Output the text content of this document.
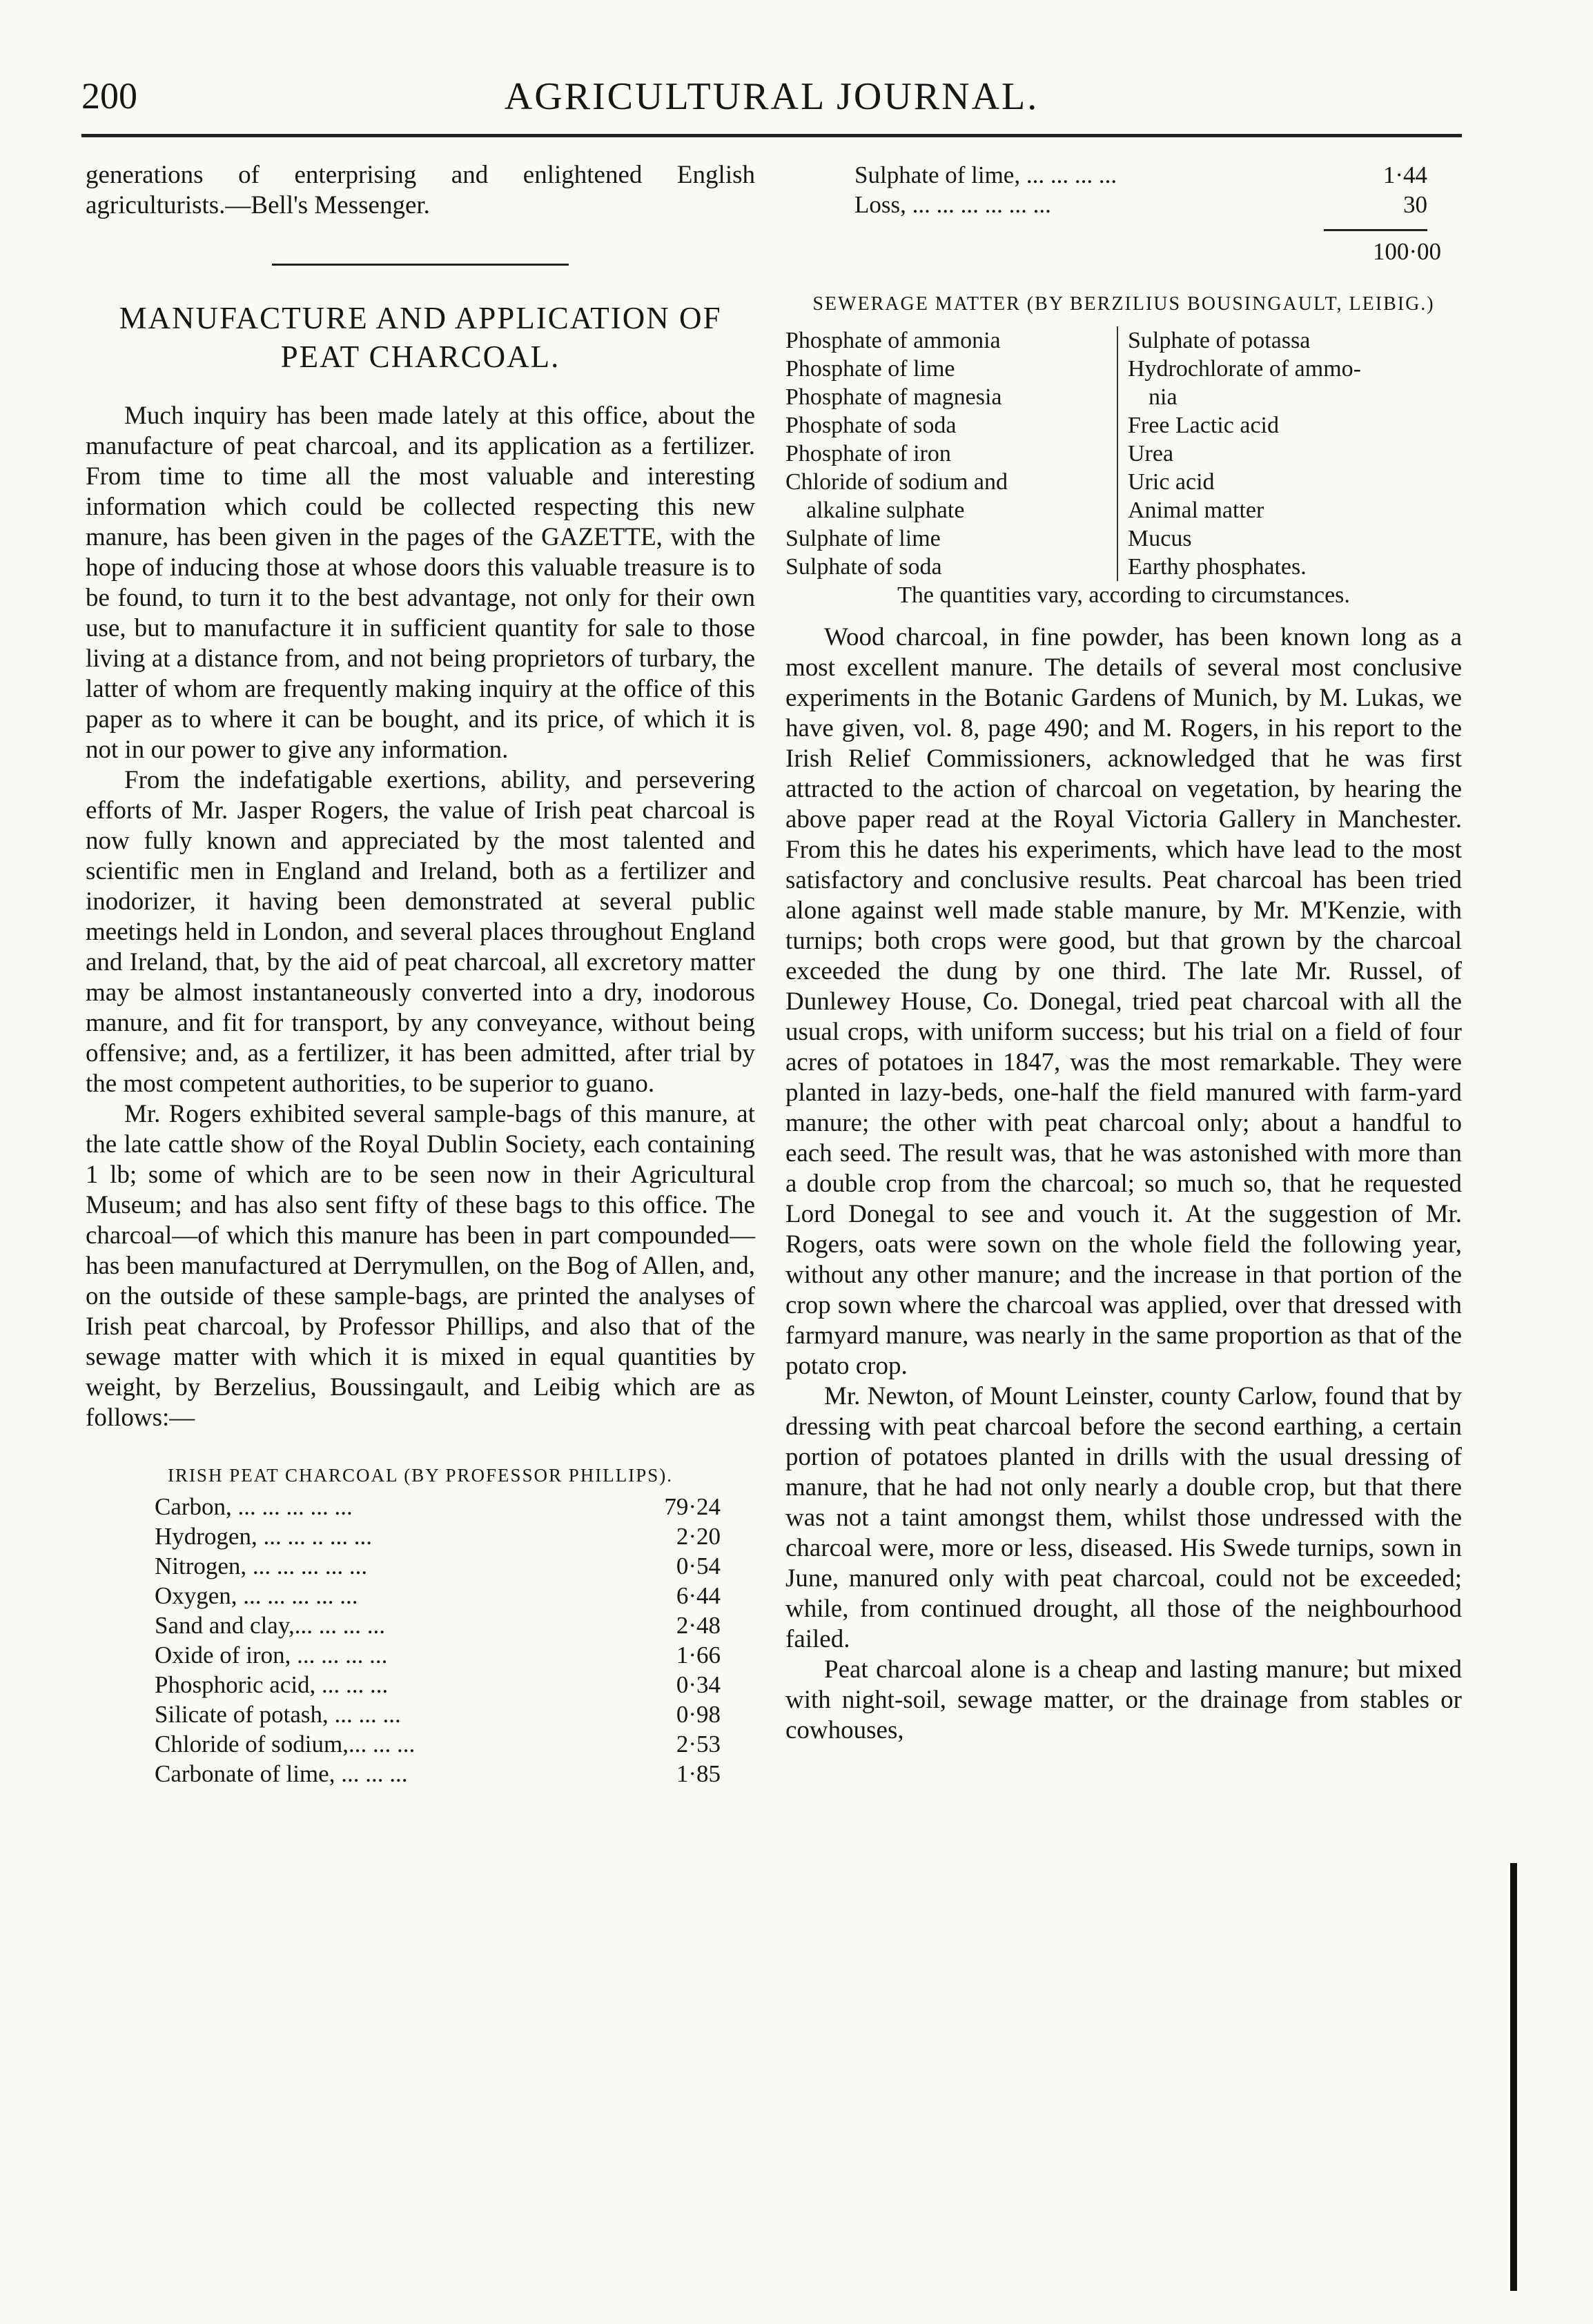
200	AGRICULTURAL JOURNAL.

generations of enterprising and enlightened English agriculturists.—Bell's Messenger.

MANUFACTURE AND APPLICATION OF PEAT CHARCOAL.

Much inquiry has been made lately at this office, about the manufacture of peat charcoal, and its application as a fertilizer. From time to time all the most valuable and interesting information which could be collected respecting this new manure, has been given in the pages of the GAZETTE, with the hope of inducing those at whose doors this valuable treasure is to be found, to turn it to the best advantage, not only for their own use, but to manufacture it in sufficient quantity for sale to those living at a distance from, and not being proprietors of turbary, the latter of whom are frequently making inquiry at the office of this paper as to where it can be bought, and its price, of which it is not in our power to give any information.

From the indefatigable exertions, ability, and persevering efforts of Mr. Jasper Rogers, the value of Irish peat charcoal is now fully known and appreciated by the most talented and scientific men in England and Ireland, both as a fertilizer and inodorizer, it having been demonstrated at several public meetings held in London, and several places throughout England and Ireland, that, by the aid of peat charcoal, all excretory matter may be almost instantaneously converted into a dry, inodorous manure, and fit for transport, by any conveyance, without being offensive; and, as a fertilizer, it has been admitted, after trial by the most competent authorities, to be superior to guano.

Mr. Rogers exhibited several sample-bags of this manure, at the late cattle show of the Royal Dublin Society, each containing 1 lb; some of which are to be seen now in their Agricultural Museum; and has also sent fifty of these bags to this office. The charcoal—of which this manure has been in part compounded—has been manufactured at Derrymullen, on the Bog of Allen, and, on the outside of these sample-bags, are printed the analyses of Irish peat charcoal, by Professor Phillips, and also that of the sewage matter with which it is mixed in equal quantities by weight, by Berzelius, Boussingault, and Leibig which are as follows:—

IRISH PEAT CHARCOAL (BY PROFESSOR PHILLIPS).
Carbon, ... ... ... ... ...	79·24
Hydrogen, ... ... .. ... ...	2·20
Nitrogen, ... ... ... ... ...	0·54
Oxygen, ... ... ... ... ...	6·44
Sand and clay,... ... ... ...	2·48
Oxide of iron, ... ... ... ...	1·66
Phosphoric acid, ... ... ...	0·34
Silicate of potash, ... ... ...	0·98
Chloride of sodium,... ... ...	2·53
Carbonate of lime, ... ... ...	1·85
Sulphate of lime, ... ... ... ...	1·44
Loss, ... ... ... ... ... ...	30
100·00
SEWERAGE MATTER (BY BERZILIUS BOUSINGAULT, LEIBIG.)
Phosphate of ammonia
Phosphate of lime
Phosphate of magnesia
Phosphate of soda
Phosphate of iron
Chloride of sodium and
alkaline sulphate
Sulphate of lime
Sulphate of soda
Sulphate of potassa
Hydrochlorate of ammo-
nia
Free Lactic acid
Urea
Uric acid
Animal matter
Mucus
Earthy phosphates.
The quantities vary, according to circumstances.

Wood charcoal, in fine powder, has been known long as a most excellent manure. The details of several most conclusive experiments in the Botanic Gardens of Munich, by M. Lukas, we have given, vol. 8, page 490; and M. Rogers, in his report to the Irish Relief Commissioners, acknowledged that he was first attracted to the action of charcoal on vegetation, by hearing the above paper read at the Royal Victoria Gallery in Manchester. From this he dates his experiments, which have lead to the most satisfactory and conclusive results. Peat charcoal has been tried alone against well made stable manure, by Mr. M'Kenzie, with turnips; both crops were good, but that grown by the charcoal exceeded the dung by one third. The late Mr. Russel, of Dunlewey House, Co. Donegal, tried peat charcoal with all the usual crops, with uniform success; but his trial on a field of four acres of potatoes in 1847, was the most remarkable. They were planted in lazy-beds, one-half the field manured with farm-yard manure; the other with peat charcoal only; about a handful to each seed. The result was, that he was astonished with more than a double crop from the charcoal; so much so, that he requested Lord Donegal to see and vouch it. At the suggestion of Mr. Rogers, oats were sown on the whole field the following year, without any other manure; and the increase in that portion of the crop sown where the charcoal was applied, over that dressed with farmyard manure, was nearly in the same proportion as that of the potato crop.

Mr. Newton, of Mount Leinster, county Carlow, found that by dressing with peat charcoal before the second earthing, a certain portion of potatoes planted in drills with the usual dressing of manure, that he had not only nearly a double crop, but that there was not a taint amongst them, whilst those undressed with the charcoal were, more or less, diseased. His Swede turnips, sown in June, manured only with peat charcoal, could not be exceeded; while, from continued drought, all those of the neighbourhood failed.

Peat charcoal alone is a cheap and lasting manure; but mixed with night-soil, sewage matter, or the drainage from stables or cowhouses,
